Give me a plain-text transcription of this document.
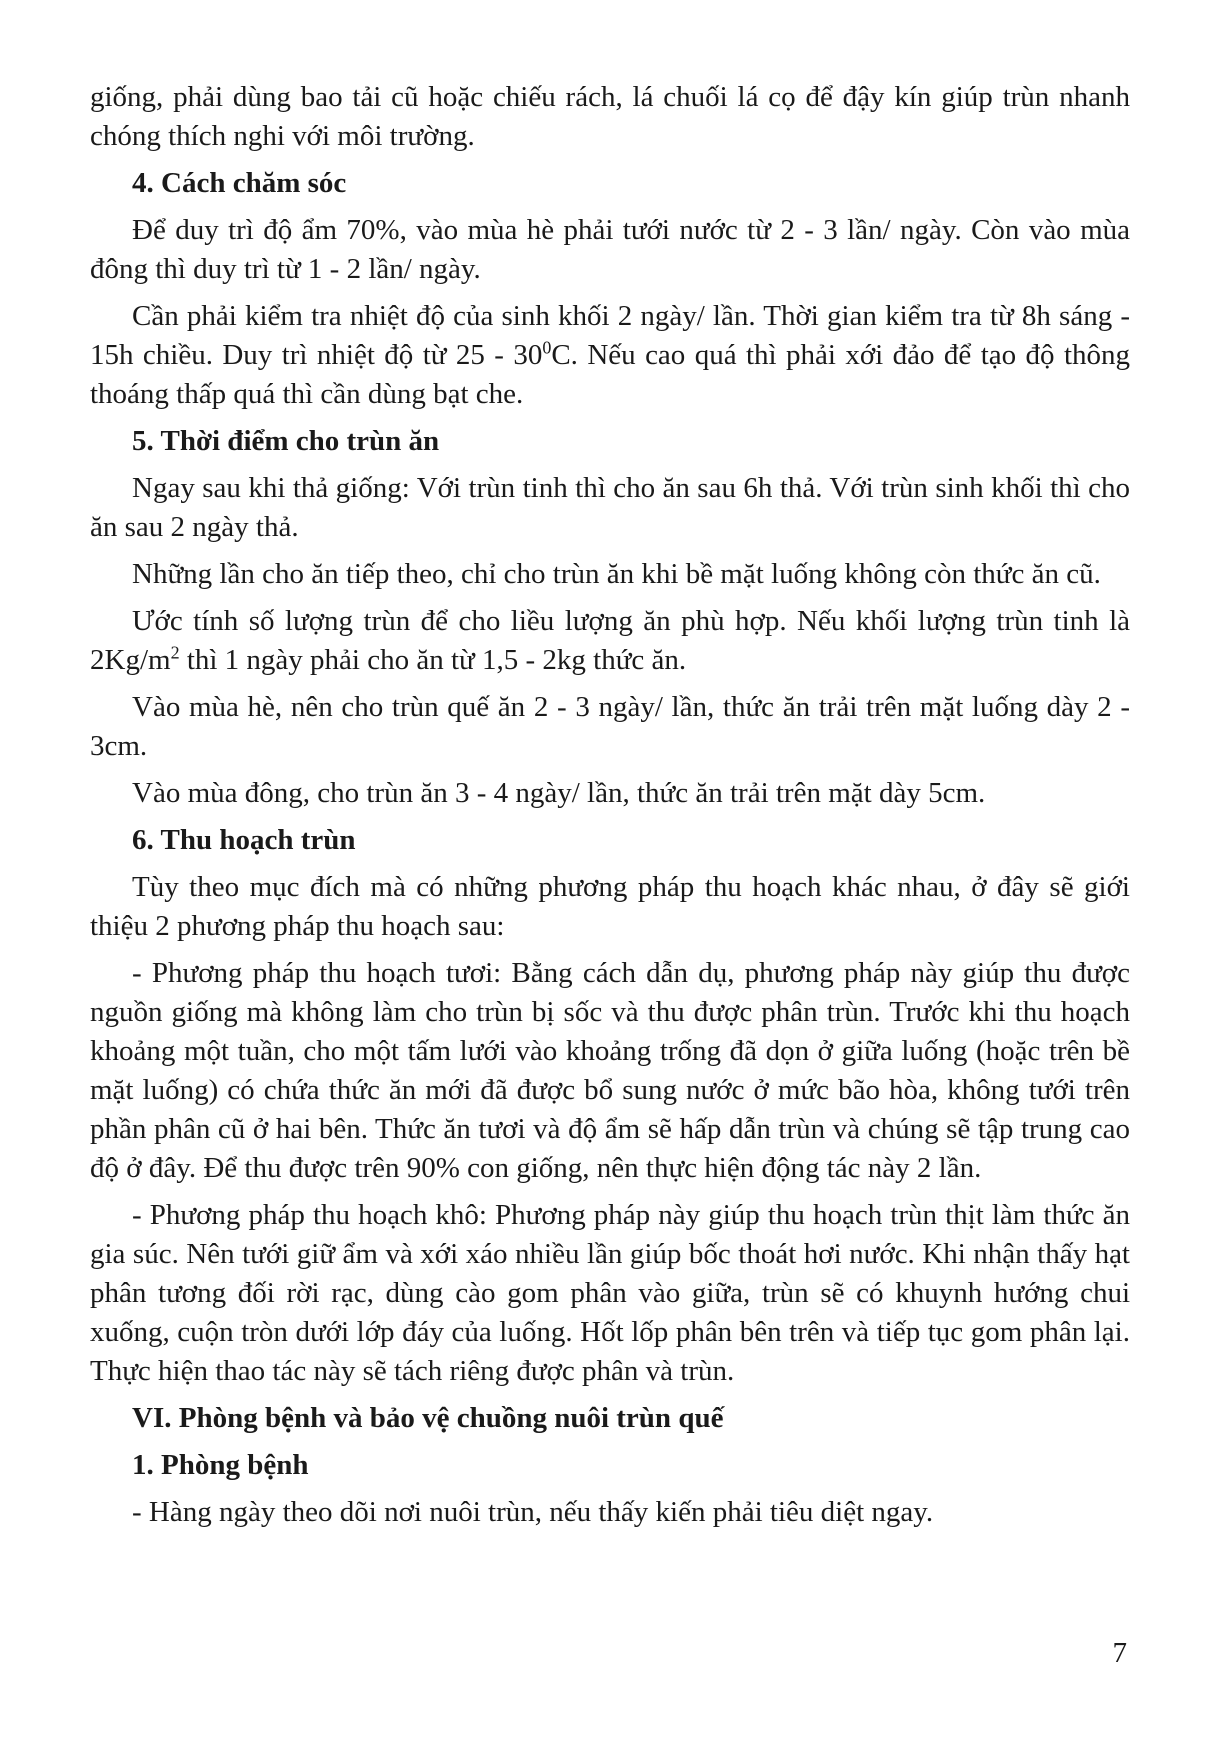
giống, phải dùng bao tải cũ hoặc chiếu rách, lá chuối lá cọ để đậy kín giúp trùn nhanh chóng thích nghi với môi trường.

4. Cách chăm sóc

Để duy trì độ ẩm 70%, vào mùa hè phải tưới nước từ 2 - 3 lần/ ngày. Còn vào mùa đông thì duy trì từ 1 - 2 lần/ ngày.

Cần phải kiểm tra nhiệt độ của sinh khối 2 ngày/ lần. Thời gian kiểm tra từ 8h sáng - 15h chiều. Duy trì nhiệt độ từ $25 - 30^0C$. Nếu cao quá thì phải xới đảo để tạo độ thông thoáng thấp quá thì cần dùng bạt che.

5. Thời điểm cho trùn ăn

Ngay sau khi thả giống: Với trùn tinh thì cho ăn sau 6h thả. Với trùn sinh khối thì cho ăn sau 2 ngày thả.

Những lần cho ăn tiếp theo, chỉ cho trùn ăn khi bề mặt luống không còn thức ăn cũ.

Ước tính số lượng trùn để cho liều lượng ăn phù hợp. Nếu khối lượng trùn tinh là $2Kg/m^2$ thì 1 ngày phải cho ăn từ 1,5 - 2kg thức ăn.

Vào mùa hè, nên cho trùn quế ăn 2 - 3 ngày/ lần, thức ăn trải trên mặt luống dày 2 - 3cm.

Vào mùa đông, cho trùn ăn 3 - 4 ngày/ lần, thức ăn trải trên mặt dày 5cm.

6. Thu hoạch trùn

Tùy theo mục đích mà có những phương pháp thu hoạch khác nhau, ở đây sẽ giới thiệu 2 phương pháp thu hoạch sau:

- Phương pháp thu hoạch tươi: Bằng cách dẫn dụ, phương pháp này giúp thu được nguồn giống mà không làm cho trùn bị sốc và thu được phân trùn. Trước khi thu hoạch khoảng một tuần, cho một tấm lưới vào khoảng trống đã dọn ở giữa luống (hoặc trên bề mặt luống) có chứa thức ăn mới đã được bổ sung nước ở mức bão hòa, không tưới trên phần phân cũ ở hai bên. Thức ăn tươi và độ ẩm sẽ hấp dẫn trùn và chúng sẽ tập trung cao độ ở đây. Để thu được trên 90% con giống, nên thực hiện động tác này 2 lần.

- Phương pháp thu hoạch khô: Phương pháp này giúp thu hoạch trùn thịt làm thức ăn gia súc. Nên tưới giữ ẩm và xới xáo nhiều lần giúp bốc thoát hơi nước. Khi nhận thấy hạt phân tương đối rời rạc, dùng cào gom phân vào giữa, trùn sẽ có khuynh hướng chui xuống, cuộn tròn dưới lớp đáy của luống. Hốt lốp phân bên trên và tiếp tục gom phân lại. Thực hiện thao tác này sẽ tách riêng được phân và trùn.

VI. Phòng bệnh và bảo vệ chuồng nuôi trùn quế

1. Phòng bệnh

- Hàng ngày theo dõi nơi nuôi trùn, nếu thấy kiến phải tiêu diệt ngay.

7
